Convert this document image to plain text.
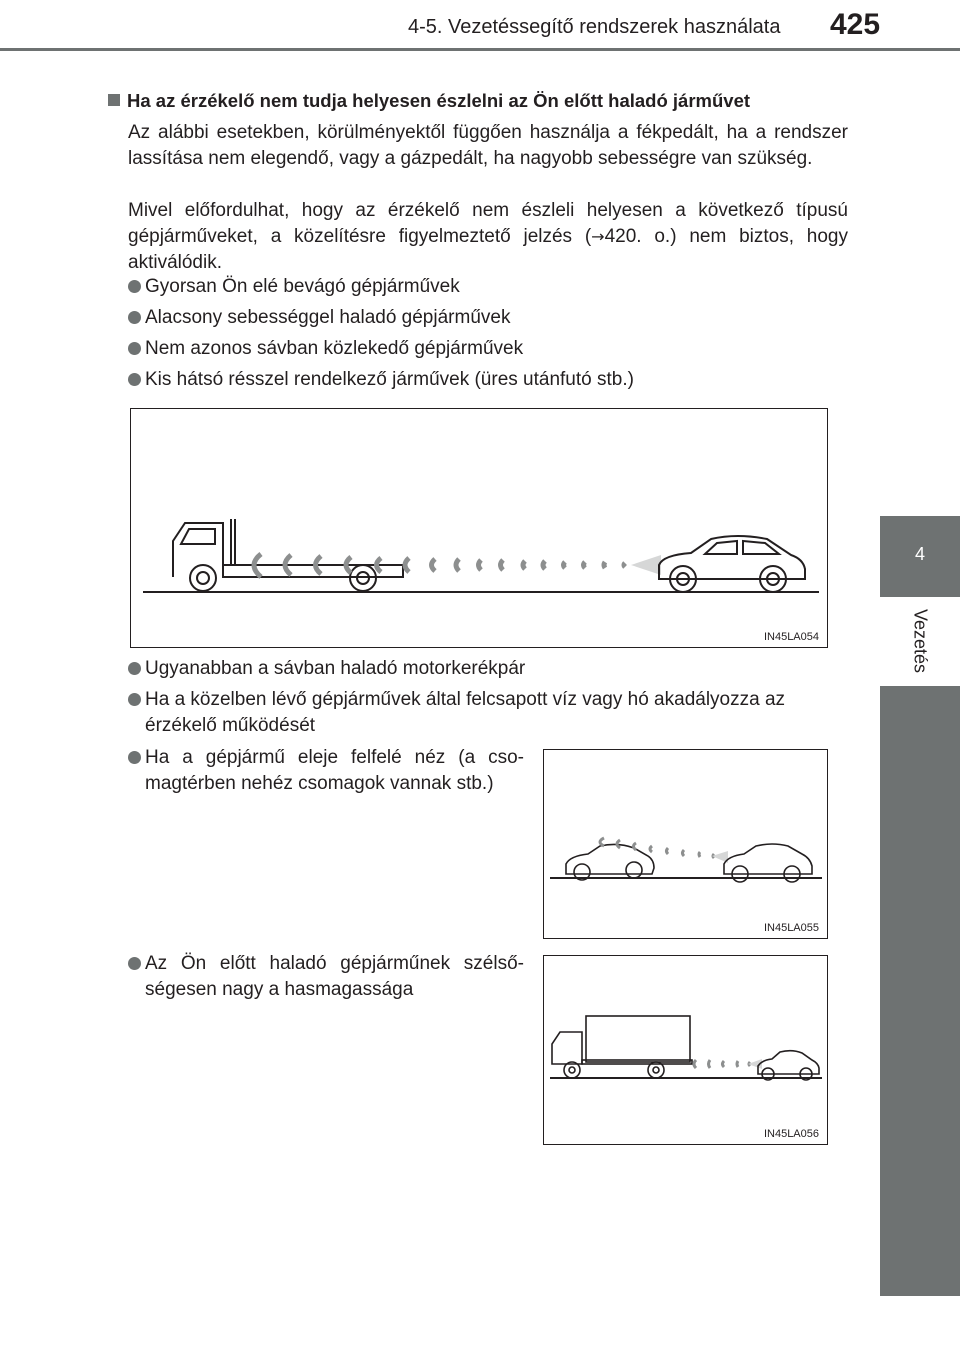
4-5. Vezetéssegítő rendszerek használata 425
4
Vezetés
Ha az érzékelő nem tudja helyesen észlelni az Ön előtt haladó járművet
Az alábbi esetekben, körülményektől függően használja a fékpedált, ha a rendszer lassítása nem elegendő, vagy a gázpedált, ha nagyobb sebességre van szükség.
Mivel előfordulhat, hogy az érzékelő nem észleli helyesen a következő típusú gépjárműveket, a közelítésre figyelmeztető jelzés (→420. o.) nem biztos, hogy aktiválódik.
Gyorsan Ön elé bevágó gépjárművek
Alacsony sebességgel haladó gépjárművek
Nem azonos sávban közlekedő gépjárművek
Kis hátsó résszel rendelkező járművek (üres utánfutó stb.)
IN45LA054
Ugyanabban a sávban haladó motorkerékpár
Ha a közelben lévő gépjárművek által felcsapott víz vagy hó akadályozza az érzékelő működését
Ha a gépjármű eleje felfelé néz (a cso-magtérben nehéz csomagok vannak stb.)
IN45LA055
Az Ön előtt haladó gépjárműnek szélső-ségesen nagy a hasmagassága
IN45LA056
